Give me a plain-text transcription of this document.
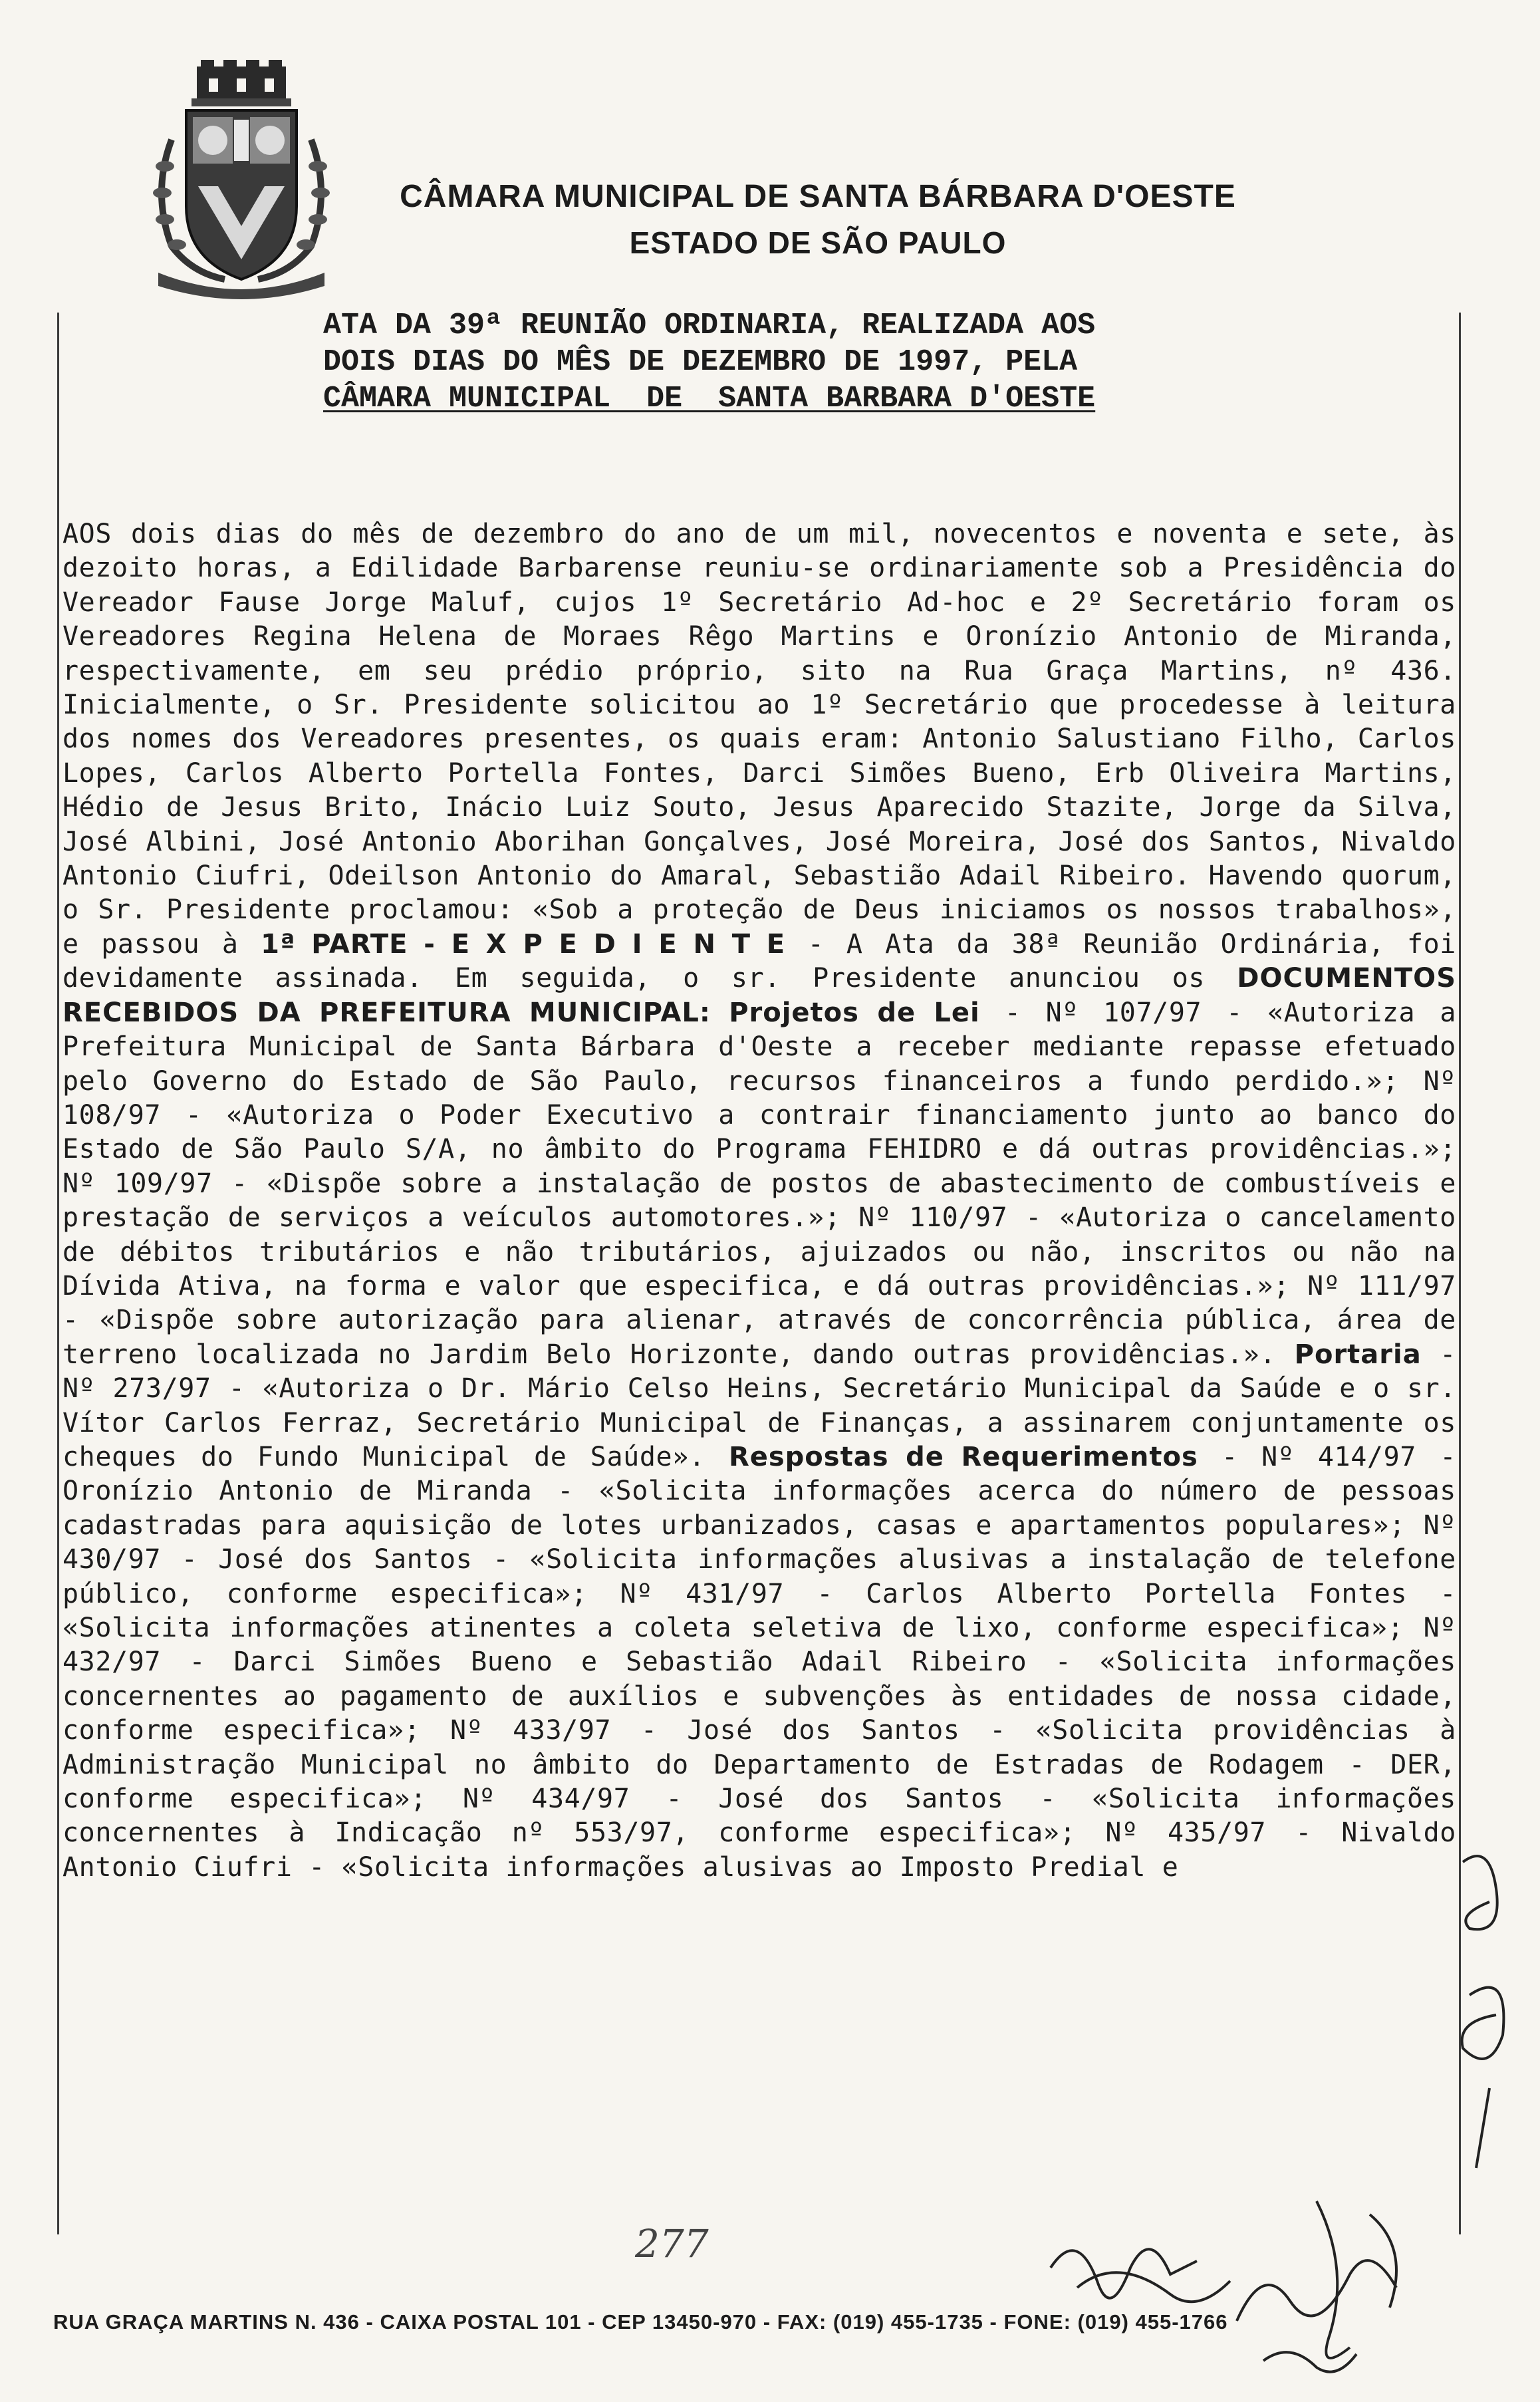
CÂMARA MUNICIPAL DE SANTA BÁRBARA D'OESTE
ESTADO DE SÃO PAULO
ATA DA 39ª REUNIÃO ORDINARIA, REALIZADA AOS
DOIS DIAS DO MÊS DE DEZEMBRO DE 1997, PELA
CÂMARA MUNICIPAL  DE  SANTA BARBARA D'OESTE
AOS dois dias do mês de dezembro do ano de um mil, novecentos e noventa e sete, às dezoito horas, a Edilidade Barbarense reuniu-se ordinariamente sob a Presidência do Vereador Fause Jorge Maluf, cujos 1º Secretário Ad-hoc e 2º Secretário foram os Vereadores Regina Helena de Moraes Rêgo Martins e Oronízio Antonio de Miranda, respectivamente, em seu prédio próprio, sito na Rua Graça Martins, nº 436. Inicialmente, o Sr. Presidente solicitou ao 1º Secretário que procedesse à leitura dos nomes dos Vereadores presentes, os quais eram: Antonio Salustiano Filho, Carlos Lopes, Carlos Alberto Portella Fontes, Darci Simões Bueno, Erb Oliveira Martins, Hédio de Jesus Brito, Inácio Luiz Souto, Jesus Aparecido Stazite, Jorge da Silva, José Albini, José Antonio Aborihan Gonçalves, José Moreira, José dos Santos, Nivaldo Antonio Ciufri, Odeilson Antonio do Amaral, Sebastião Adail Ribeiro. Havendo quorum, o Sr. Presidente proclamou: «Sob a proteção de Deus iniciamos os nossos trabalhos», e passou à 1ª PARTE - E X P E D I E N T E - A Ata da 38ª Reunião Ordinária, foi devidamente assinada. Em seguida, o sr. Presidente anunciou os DOCUMENTOS RECEBIDOS DA PREFEITURA MUNICIPAL: Projetos de Lei - Nº 107/97 - «Autoriza a Prefeitura Municipal de Santa Bárbara d'Oeste a receber mediante repasse efetuado pelo Governo do Estado de São Paulo, recursos financeiros a fundo perdido.»; Nº 108/97 - «Autoriza o Poder Executivo a contrair financiamento junto ao banco do Estado de São Paulo S/A, no âmbito do Programa FEHIDRO e dá outras providências.»; Nº 109/97 - «Dispõe sobre a instalação de postos de abastecimento de combustíveis e prestação de serviços a veículos automotores.»; Nº 110/97 - «Autoriza o cancelamento de débitos tributários e não tributários, ajuizados ou não, inscritos ou não na Dívida Ativa, na forma e valor que especifica, e dá outras providências.»; Nº 111/97 - «Dispõe sobre autorização para alienar, através de concorrência pública, área de terreno localizada no Jardim Belo Horizonte, dando outras providências.». Portaria - Nº 273/97 - «Autoriza o Dr. Mário Celso Heins, Secretário Municipal da Saúde e o sr. Vítor Carlos Ferraz, Secretário Municipal de Finanças, a assinarem conjuntamente os cheques do Fundo Municipal de Saúde». Respostas de Requerimentos - Nº 414/97 - Oronízio Antonio de Miranda - «Solicita informações acerca do número de pessoas cadastradas para aquisição de lotes urbanizados, casas e apartamentos populares»; Nº 430/97 - José dos Santos - «Solicita informações alusivas a instalação de telefone público, conforme especifica»; Nº 431/97 - Carlos Alberto Portella Fontes - «Solicita informações atinentes a coleta seletiva de lixo, conforme especifica»; Nº 432/97 - Darci Simões Bueno e Sebastião Adail Ribeiro - «Solicita informações concernentes ao pagamento de auxílios e subvenções às entidades de nossa cidade, conforme especifica»; Nº 433/97 - José dos Santos - «Solicita providências à Administração Municipal no âmbito do Departamento de Estradas de Rodagem - DER, conforme especifica»; Nº 434/97 - José dos Santos - «Solicita informações concernentes à Indicação nº 553/97, conforme especifica»; Nº 435/97 - Nivaldo Antonio Ciufri - «Solicita informações alusivas ao Imposto Predial e
277
RUA GRAÇA MARTINS N. 436 - CAIXA POSTAL 101 - CEP 13450-970 - FAX: (019) 455-1735 - FONE: (019) 455-1766
